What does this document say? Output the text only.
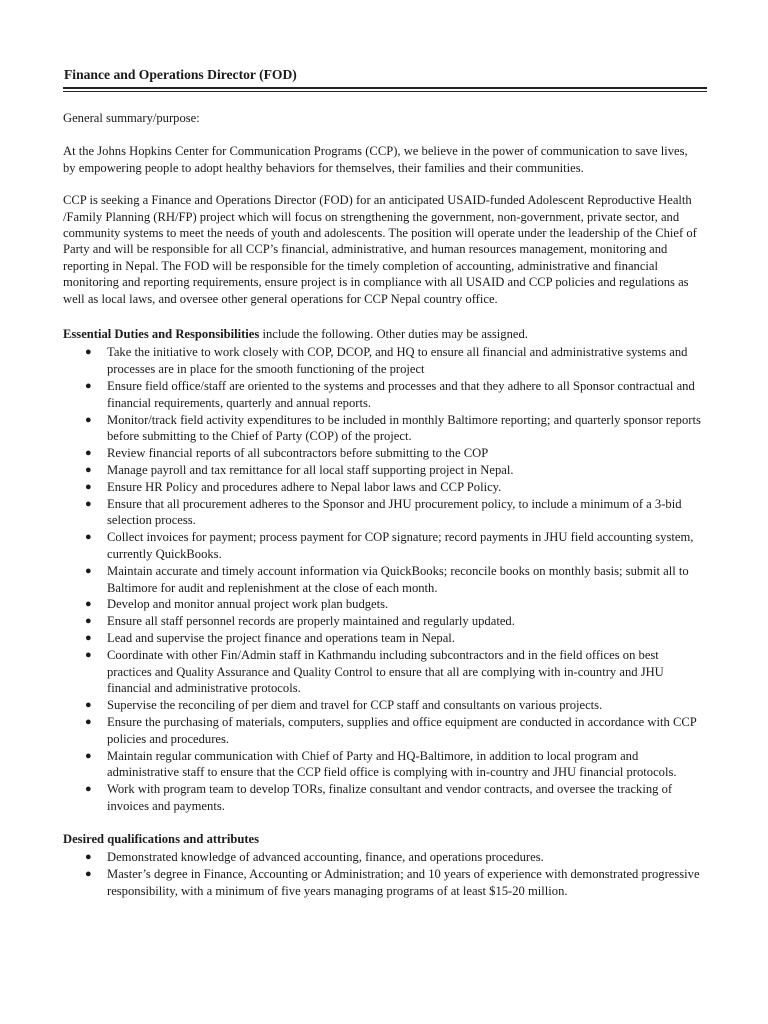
Finance and Operations Director (FOD)

General summary/purpose:

At the Johns Hopkins Center for Communication Programs (CCP), we believe in the power of communication to save lives, by empowering people to adopt healthy behaviors for themselves, their families and their communities.

CCP is seeking a Finance and Operations Director (FOD) for an anticipated USAID-funded Adolescent Reproductive Health /Family Planning (RH/FP) project which will focus on strengthening the government, non-government, private sector, and community systems to meet the needs of youth and adolescents. The position will operate under the leadership of the Chief of Party and will be responsible for all CCP’s financial, administrative, and human resources management, monitoring and reporting in Nepal. The FOD will be responsible for the timely completion of accounting, administrative and financial monitoring and reporting requirements, ensure project is in compliance with all USAID and CCP policies and regulations as well as local laws, and oversee other general operations for CCP Nepal country office.

Essential Duties and Responsibilities include the following. Other duties may be assigned.

● Take the initiative to work closely with COP, DCOP, and HQ to ensure all financial and administrative systems and processes are in place for the smooth functioning of the project
● Ensure field office/staff are oriented to the systems and processes and that they adhere to all Sponsor contractual and financial requirements, quarterly and annual reports.
● Monitor/track field activity expenditures to be included in monthly Baltimore reporting; and quarterly sponsor reports before submitting to the Chief of Party (COP) of the project.
● Review financial reports of all subcontractors before submitting to the COP
● Manage payroll and tax remittance for all local staff supporting project in Nepal.
● Ensure HR Policy and procedures adhere to Nepal labor laws and CCP Policy.
● Ensure that all procurement adheres to the Sponsor and JHU procurement policy, to include a minimum of a 3-bid selection process.
● Collect invoices for payment; process payment for COP signature; record payments in JHU field accounting system, currently QuickBooks.
● Maintain accurate and timely account information via QuickBooks; reconcile books on monthly basis; submit all to Baltimore for audit and replenishment at the close of each month.
● Develop and monitor annual project work plan budgets.
● Ensure all staff personnel records are properly maintained and regularly updated.
● Lead and supervise the project finance and operations team in Nepal.
● Coordinate with other Fin/Admin staff in Kathmandu including subcontractors and in the field offices on best practices and Quality Assurance and Quality Control to ensure that all are complying with in-country and JHU financial and administrative protocols.
● Supervise the reconciling of per diem and travel for CCP staff and consultants on various projects.
● Ensure the purchasing of materials, computers, supplies and office equipment are conducted in accordance with CCP policies and procedures.
● Maintain regular communication with Chief of Party and HQ-Baltimore, in addition to local program and administrative staff to ensure that the CCP field office is complying with in-country and JHU financial protocols.
● Work with program team to develop TORs, finalize consultant and vendor contracts, and oversee the tracking of invoices and payments.

Desired qualifications and attributes

● Demonstrated knowledge of advanced accounting, finance, and operations procedures.
● Master’s degree in Finance, Accounting or Administration; and 10 years of experience with demonstrated progressive responsibility, with a minimum of five years managing programs of at least $15-20 million.
